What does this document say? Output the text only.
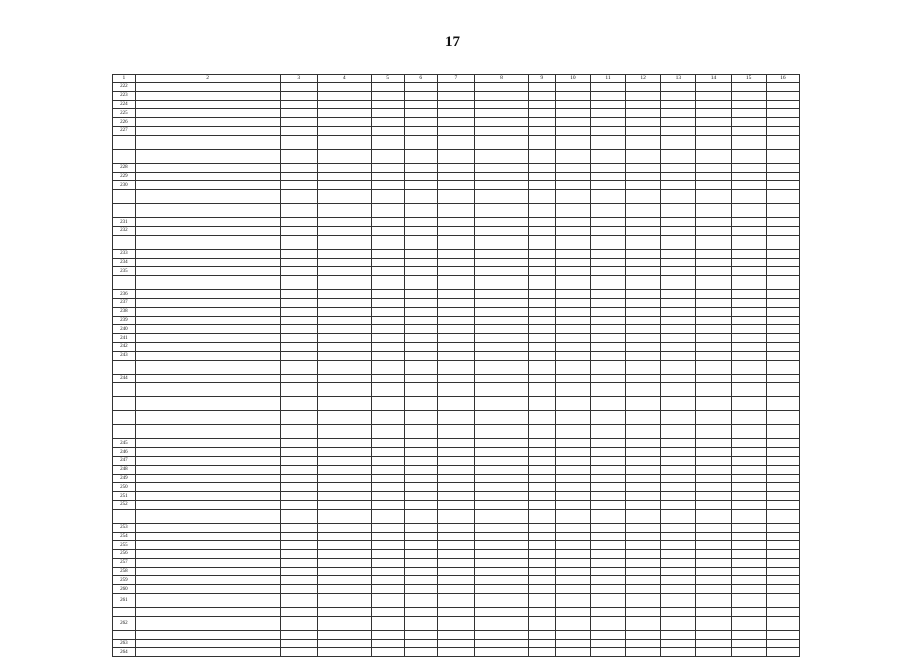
17
1	2	3	4	5	6	7	8	9	10	11	12	13	14	15	16
222															
223															
224															
225															
226															
227															

228															
229															
230															

231															
232															

233															
234															
235															

236															
237															
238															
239															
240															
241															
242															
243															

244															

245															
246															
247															
248															
249															
250															
251															
252															

253															
254															
255															
256															
257															
258															
259															
260															
261															

262															

263															
264															
